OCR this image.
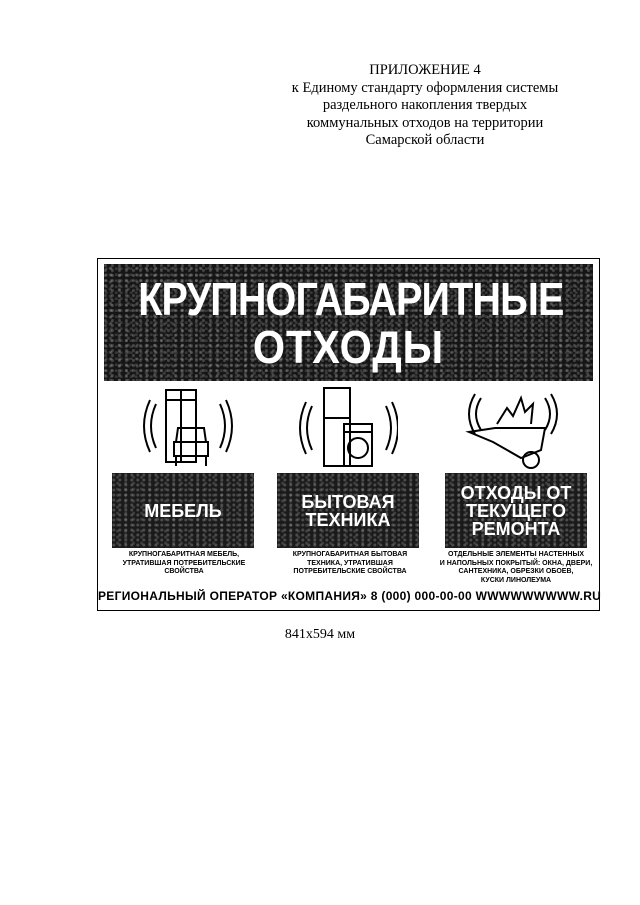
ПРИЛОЖЕНИЕ 4
к Единому стандарту оформления системы
раздельного накопления твердых
коммунальных отходов на территории
Самарской области
КРУПНОГАБАРИТНЫЕ
ОТХОДЫ
МЕБЕЛЬ	БЫТОВАЯ
ТЕХНИКА
ОТХОДЫ ОТ
ТЕКУЩЕГО
РЕМОНТА
КРУПНОГАБАРИТНАЯ МЕБЕЛЬ,
УТРАТИВШАЯ ПОТРЕБИТЕЛЬСКИЕ
СВОЙСТВА
КРУПНОГАБАРИТНАЯ БЫТОВАЯ
ТЕХНИКА, УТРАТИВШАЯ
ПОТРЕБИТЕЛЬСКИЕ СВОЙСТВА
ОТДЕЛЬНЫЕ ЭЛЕМЕНТЫ НАСТЕННЫХ
И НАПОЛЬНЫХ ПОКРЫТЫЙ: ОКНА, ДВЕРИ,
САНТЕХНИКА, ОБРЕЗКИ ОБОЕВ,
КУСКИ ЛИНОЛЕУМА
РЕГИОНАЛЬНЫЙ ОПЕРАТОР «КОМПАНИЯ» 8 (000) 000-00-00 WWWWWWWWW.RU
841x594 мм
